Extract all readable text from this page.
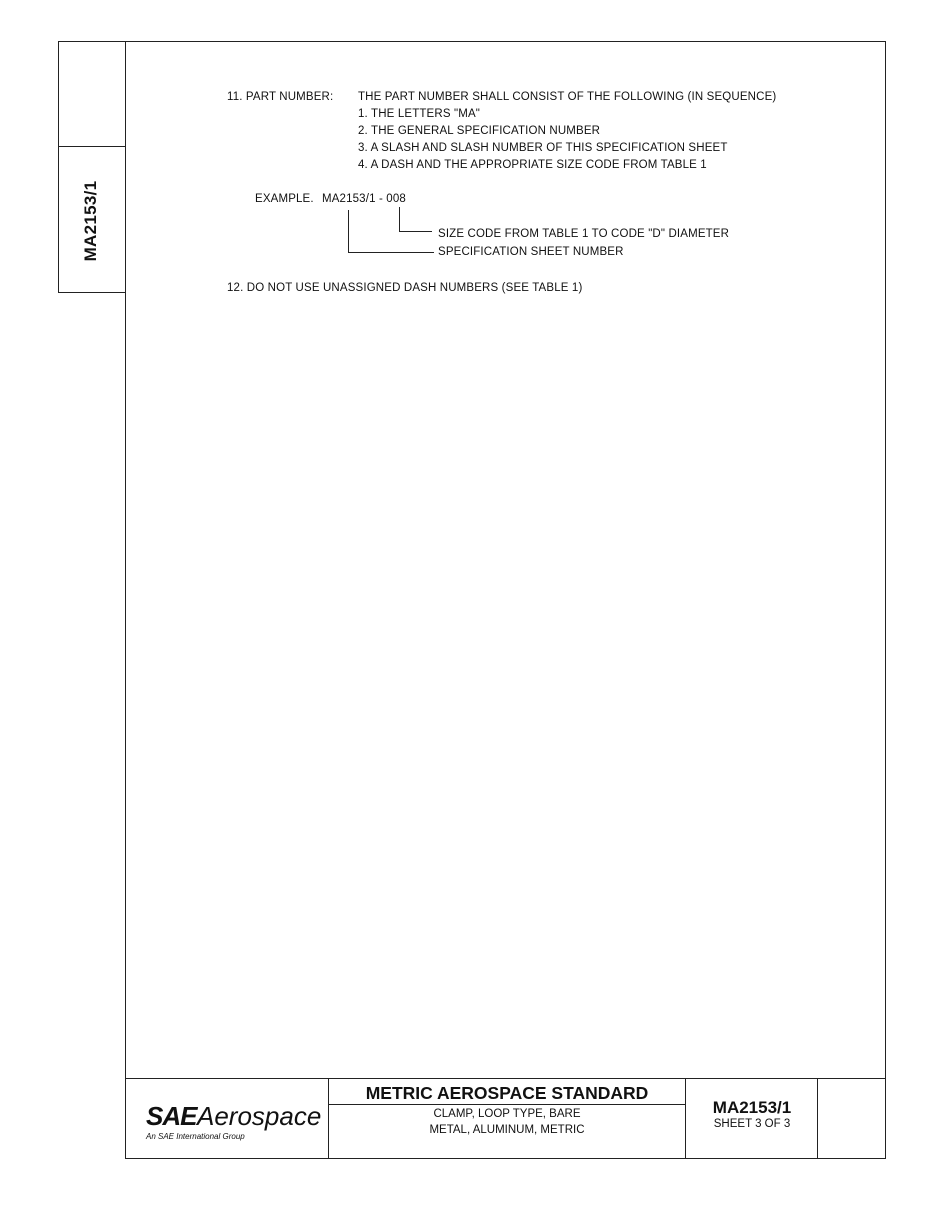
MA2153/1
11. PART NUMBER: THE PART NUMBER SHALL CONSIST OF THE FOLLOWING (IN SEQUENCE)
1. THE LETTERS "MA"
2. THE GENERAL SPECIFICATION NUMBER
3. A SLASH AND SLASH NUMBER OF THIS SPECIFICATION SHEET
4. A DASH AND THE APPROPRIATE SIZE CODE FROM TABLE 1
EXAMPLE. MA2153/1 - 008
SIZE CODE FROM TABLE 1 TO CODE "D" DIAMETER
SPECIFICATION SHEET NUMBER
12. DO NOT USE UNASSIGNED DASH NUMBERS (SEE TABLE 1)
SAE Aerospace
An SAE International Group
METRIC AEROSPACE STANDARD
CLAMP, LOOP TYPE, BARE
METAL, ALUMINUM, METRIC
MA2153/1
SHEET 3 OF 3
